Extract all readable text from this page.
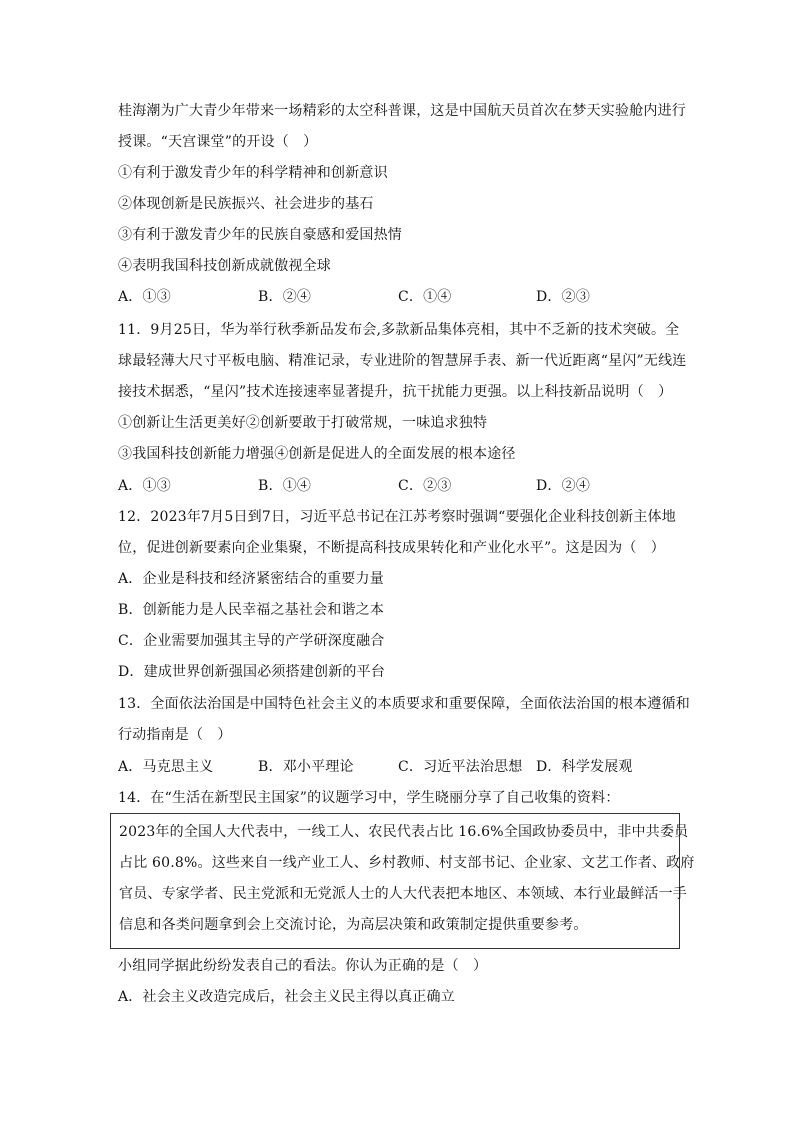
桂海潮为广大青少年带来一场精彩的太空科普课，这是中国航天员首次在梦天实验舱内进行
授课。“天宫课堂”的开设（　）
①有利于激发青少年的科学精神和创新意识
②体现创新是民族振兴、社会进步的基石
③有利于激发青少年的民族自豪感和爱国热情
④表明我国科技创新成就傲视全球
A．①③	B．②④	C．①④	D．②③
11．9月25日，华为举行秋季新品发布会,多款新品集体亮相，其中不乏新的技术突破。全
球最轻薄大尺寸平板电脑、精准记录，专业进阶的智慧屏手表、新一代近距离“星闪”无线连
接技术据悉，“星闪”技术连接速率显著提升，抗干扰能力更强。以上科技新品说明（　）
①创新让生活更美好②创新要敢于打破常规，一味追求独特
③我国科技创新能力增强④创新是促进人的全面发展的根本途径
A．①③	B．①④	C．②③	D．②④
12．2023年7月5日到7日，习近平总书记在江苏考察时强调“要强化企业科技创新主体地
位，促进创新要素向企业集聚，不断提高科技成果转化和产业化水平”。这是因为（　）
A．企业是科技和经济紧密结合的重要力量
B．创新能力是人民幸福之基社会和谐之本
C．企业需要加强其主导的产学研深度融合
D．建成世界创新强国必须搭建创新的平台
13．全面依法治国是中国特色社会主义的本质要求和重要保障，全面依法治国的根本遵循和
行动指南是（　）
A．马克思主义	B．邓小平理论	C．习近平法治思想 D．科学发展观
14．在“生活在新型民主国家”的议题学习中，学生晓丽分享了自己收集的资料：
2023年的全国人大代表中，一线工人、农民代表占比 16.6%全国政协委员中，非中共委员
占比 60.8%。这些来自一线产业工人、乡村教师、村支部书记、企业家、文艺工作者、政府
官员、专家学者、民主党派和无党派人士的人大代表把本地区、本领域、本行业最鲜活一手
信息和各类问题拿到会上交流讨论，为高层决策和政策制定提供重要参考。
小组同学据此纷纷发表自己的看法。你认为正确的是（　）
A．社会主义改造完成后，社会主义民主得以真正确立
